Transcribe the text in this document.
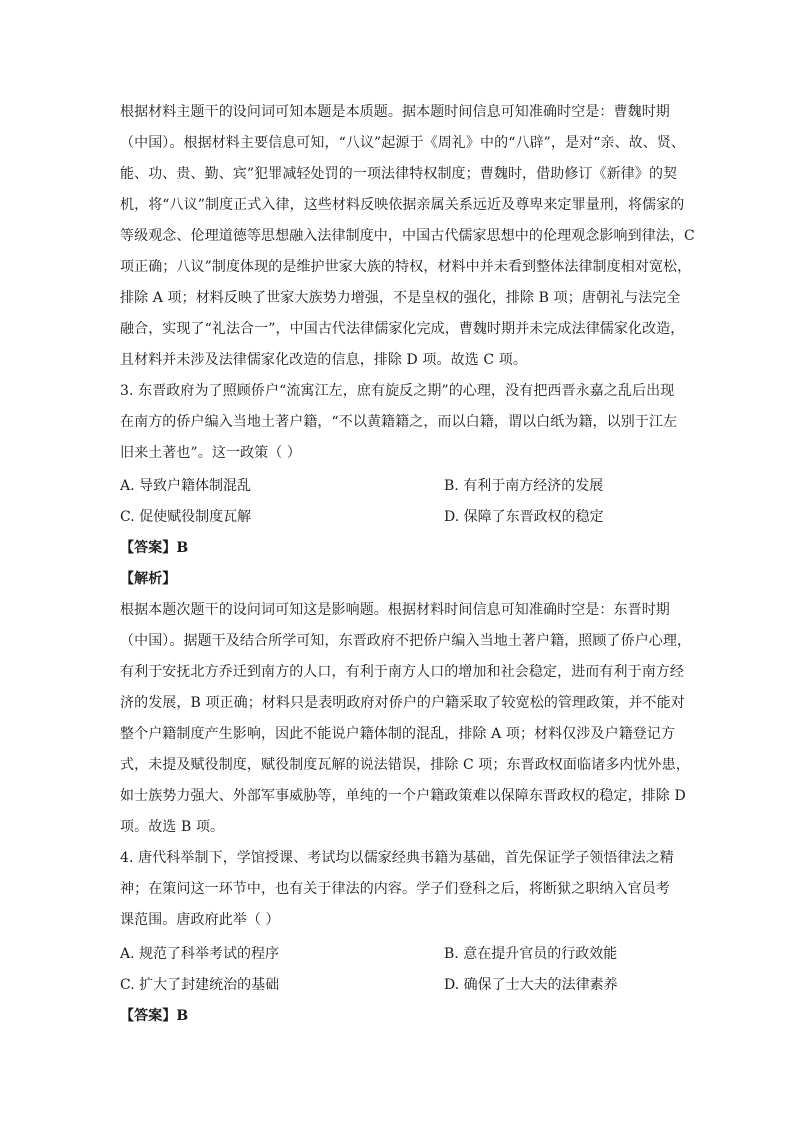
根据材料主题干的设问词可知本题是本质题。据本题时间信息可知准确时空是：曹魏时期
（中国）。根据材料主要信息可知，“八议”起源于《周礼》中的“八辟”，是对“亲、故、贤、
能、功、贵、勤、宾”犯罪减轻处罚的一项法律特权制度；曹魏时，借助修订《新律》的契
机，将“八议”制度正式入律，这些材料反映依据亲属关系远近及尊卑来定罪量刑，将儒家的
等级观念、伦理道德等思想融入法律制度中，中国古代儒家思想中的伦理观念影响到律法，C
项正确；八议”制度体现的是维护世家大族的特权，材料中并未看到整体法律制度相对宽松，
排除 A 项；材料反映了世家大族势力增强，不是皇权的强化，排除 B 项；唐朝礼与法完全
融合，实现了“礼法合一”，中国古代法律儒家化完成，曹魏时期并未完成法律儒家化改造，
且材料并未涉及法律儒家化改造的信息，排除 D 项。故选 C 项。
3. 东晋政府为了照顾侨户“流寓江左，庶有旋反之期”的心理，没有把西晋永嘉之乱后出现
在南方的侨户编入当地土著户籍，“不以黄籍籍之，而以白籍，谓以白纸为籍，以别于江左
旧来土著也”。这一政策（ ）
A. 导致户籍体制混乱	B. 有利于南方经济的发展
C. 促使赋役制度瓦解	D. 保障了东晋政权的稳定
【答案】B
【解析】
根据本题次题干的设问词可知这是影响题。根据材料时间信息可知准确时空是：东晋时期
（中国）。据题干及结合所学可知，东晋政府不把侨户编入当地土著户籍，照顾了侨户心理，
有利于安抚北方乔迁到南方的人口，有利于南方人口的增加和社会稳定，进而有利于南方经
济的发展，B 项正确；材料只是表明政府对侨户的户籍采取了较宽松的管理政策，并不能对
整个户籍制度产生影响，因此不能说户籍体制的混乱，排除 A 项；材料仅涉及户籍登记方
式，未提及赋役制度，赋役制度瓦解的说法错误，排除 C 项；东晋政权面临诸多内忧外患，
如士族势力强大、外部军事威胁等，单纯的一个户籍政策难以保障东晋政权的稳定，排除 D
项。故选 B 项。
4. 唐代科举制下，学馆授课、考试均以儒家经典书籍为基础，首先保证学子领悟律法之精
神；在策问这一环节中，也有关于律法的内容。学子们登科之后，将断狱之职纳入官员考
课范围。唐政府此举（ ）
A. 规范了科举考试的程序	B. 意在提升官员的行政效能
C. 扩大了封建统治的基础	D. 确保了士大夫的法律素养
【答案】B
